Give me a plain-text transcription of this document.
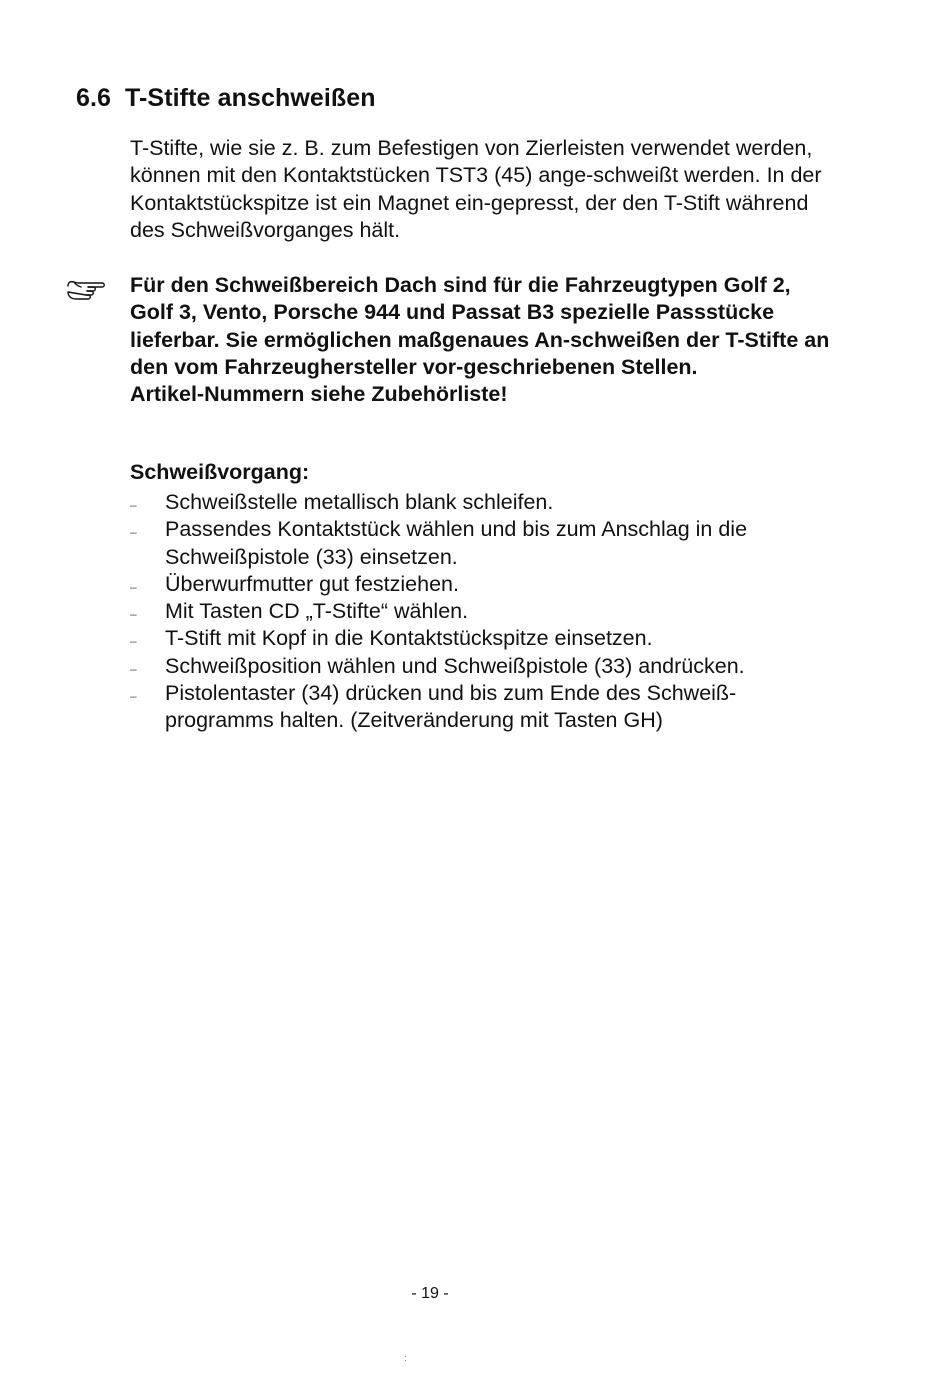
6.6 T-Stifte anschweißen
T-Stifte, wie sie z. B. zum Befestigen von Zierleisten verwendet werden, können mit den Kontaktstücken TST3 (45) ange-schweißt werden. In der Kontaktstückspitze ist ein Magnet ein-gepresst, der den T-Stift während des Schweißvorganges hält.

Für den Schweißbereich Dach sind für die Fahrzeugtypen Golf 2, Golf 3, Vento, Porsche 944 und Passat B3 spezielle Passstücke lieferbar. Sie ermöglichen maßgenaues An-schweißen der T-Stifte an den vom Fahrzeughersteller vor-geschriebenen Stellen.

Artikel-Nummern siehe Zubehörliste!

Schweißvorgang:
– Schweißstelle metallisch blank schleifen.
– Passendes Kontaktstück wählen und bis zum Anschlag in die Schweißpistole (33) einsetzen.
– Überwurfmutter gut festziehen.
– Mit Tasten CD „T-Stifte“ wählen.
– T-Stift mit Kopf in die Kontaktstückspitze einsetzen.
– Schweißposition wählen und Schweißpistole (33) andrücken.
– Pistolentaster (34) drücken und bis zum Ende des Schweiß-programms halten. (Zeitveränderung mit Tasten GH)
- 19 -
